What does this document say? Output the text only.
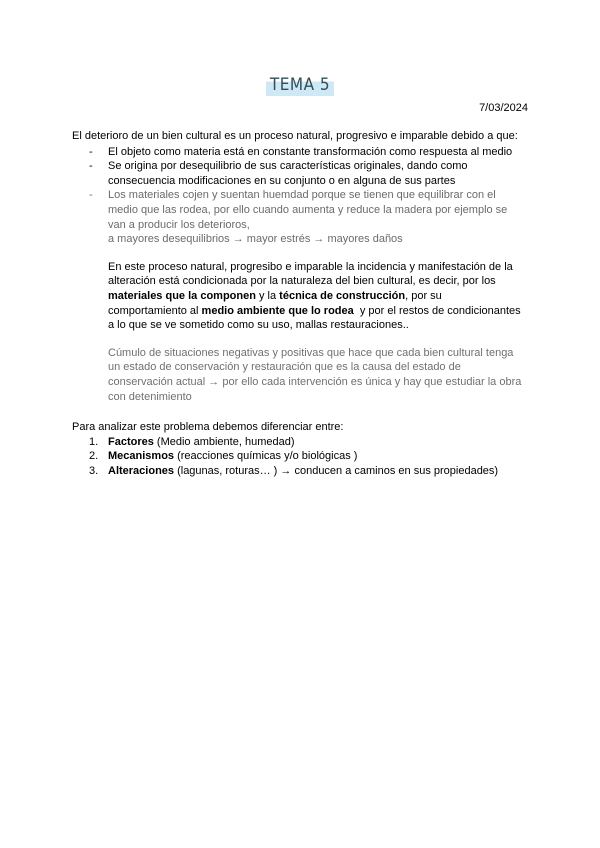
TEMA 5
7/03/2024

El deterioro de un bien cultural es un proceso natural, progresivo e imparable debido a que:

- El objeto como materia está en constante transformación como respuesta al medio
- Se origina por desequilibrio de sus características originales, dando como
consecuencia modificaciones en su conjunto o en alguna de sus partes
- Los materiales cojen y suentan huemdad porque se tienen que equilibrar con el
medio que las rodea, por ello cuando aumenta y reduce la madera por ejemplo se
van a producir los deterioros,
a mayores desequilibrios → mayor estrés → mayores daños
En este proceso natural, progresibo e imparable la incidencia y manifestación de la
alteración está condicionada por la naturaleza del bien cultural, es decir, por los
materiales que la componen y la técnica de construcción, por su
comportamiento al medio ambiente que lo rodea  y por el restos de condicionantes
a lo que se ve sometido como su uso, mallas restauraciones..
Cúmulo de situaciones negativas y positivas que hace que cada bien cultural tenga
un estado de conservación y restauración que es la causa del estado de
conservación actual → por ello cada intervención es única y hay que estudiar la obra
con detenimiento

Para analizar este problema debemos diferenciar entre:

1. Factores (Medio ambiente, humedad)
2. Mecanismos (reacciones químicas y/o biológicas )
3. Alteraciones (lagunas, roturas… ) → conducen a caminos en sus propiedades)
